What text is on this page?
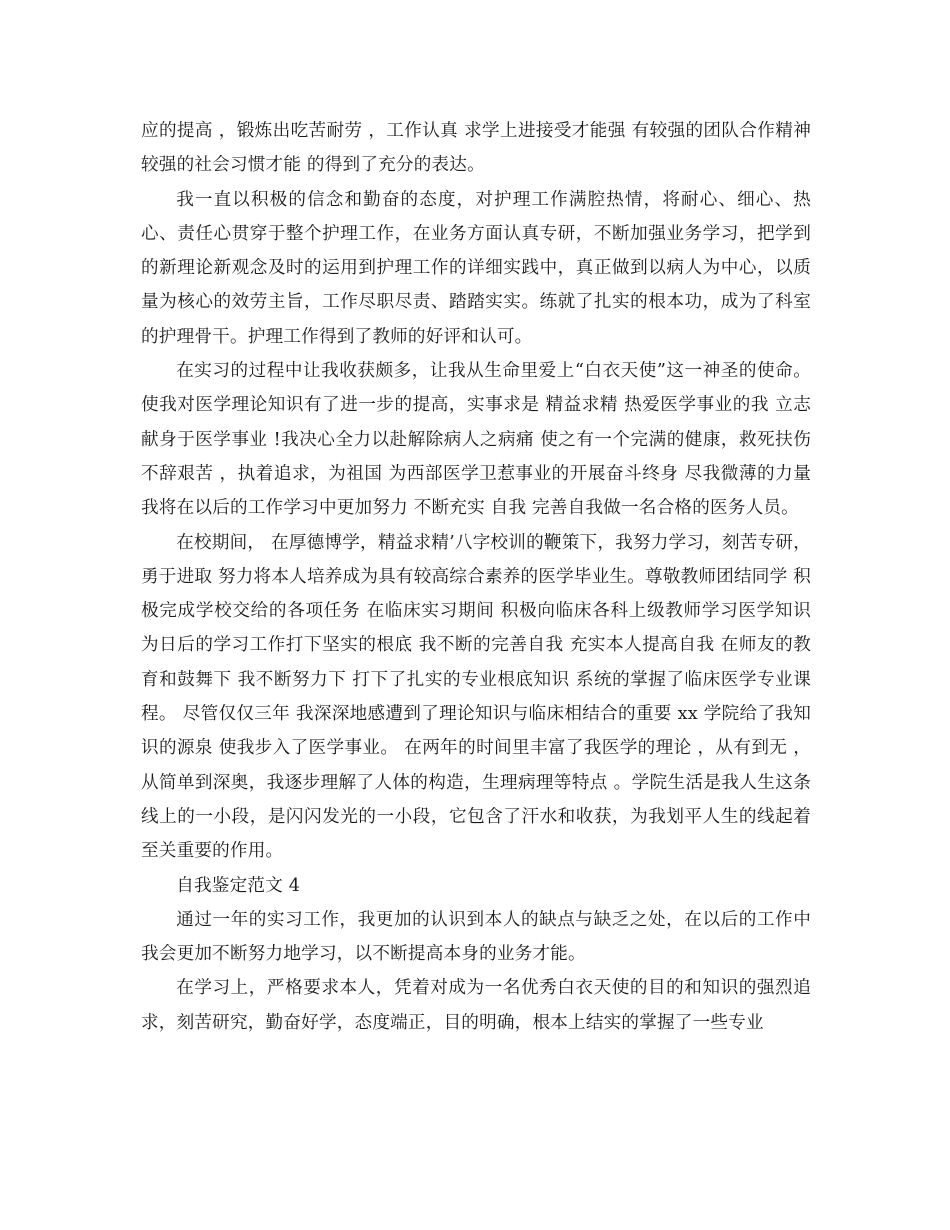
应的提高 ，锻炼出吃苦耐劳 ，工作认真 求学上进接受才能强 有较强的团队合作精神 较强的社会习惯才能 的得到了充分的表达。

我一直以积极的信念和勤奋的态度，对护理工作满腔热情，将耐心、细心、热心、责任心贯穿于整个护理工作，在业务方面认真专研，不断加强业务学习，把学到的新理论新观念及时的运用到护理工作的详细实践中，真正做到以病人为中心，以质量为核心的效劳主旨，工作尽职尽责、踏踏实实。练就了扎实的根本功，成为了科室的护理骨干。护理工作得到了教师的好评和认可。

在实习的过程中让我收获颇多，让我从生命里爱上“白衣天使”这一神圣的使命。 使我对医学理论知识有了进一步的提高，实事求是 精益求精 热爱医学事业的我 立志献身于医学事业 !我决心全力以赴解除病人之病痛 使之有一个完满的健康，救死扶伤 不辞艰苦 ，执着追求，为祖国 为西部医学卫惹事业的开展奋斗终身 尽我微薄的力量 我将在以后的工作学习中更加努力 不断充实 自我 完善自我做一名合格的医务人员。

在校期间， 在厚德博学，精益求精’八字校训的鞭策下，我努力学习，刻苦专研，勇于进取 努力将本人培养成为具有较高综合素养的医学毕业生。尊敬教师团结同学 积极完成学校交给的各项任务 在临床实习期间 积极向临床各科上级教师学习医学知识 为日后的学习工作打下坚实的根底 我不断的完善自我 充实本人提高自我 在师友的教育和鼓舞下 我不断努力下 打下了扎实的专业根底知识 系统的掌握了临床医学专业课程。 尽管仅仅三年 我深深地感遭到了理论知识与临床相结合的重要 xx 学院给了我知识的源泉 使我步入了医学事业。 在两年的时间里丰富了我医学的理论 ，从有到无 ，从简单到深奥，我逐步理解了人体的构造，生理病理等特点 。学院生活是我人生这条线上的一小段，是闪闪发光的一小段，它包含了汗水和收获，为我划平人生的线起着至关重要的作用。

自我鉴定范文 4

通过一年的实习工作，我更加的认识到本人的缺点与缺乏之处，在以后的工作中我会更加不断努力地学习，以不断提高本身的业务才能。

在学习上，严格要求本人，凭着对成为一名优秀白衣天使的目的和知识的强烈追求，刻苦研究，勤奋好学，态度端正，目的明确，根本上结实的掌握了一些专业
